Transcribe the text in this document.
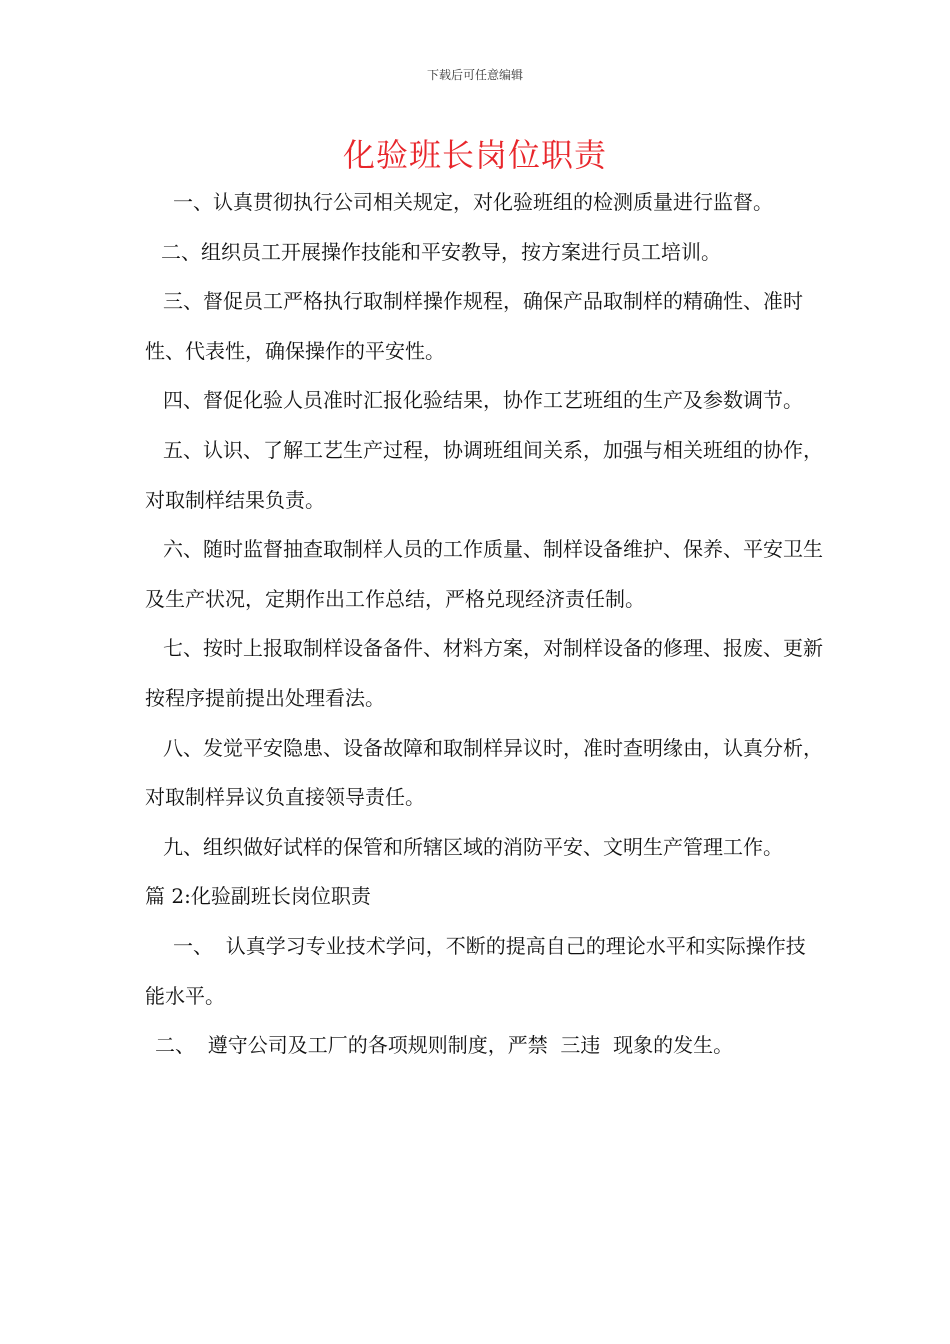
下载后可任意编辑
化验班长岗位职责

一、认真贯彻执行公司相关规定，对化验班组的检测质量进行监督。

二、组织员工开展操作技能和平安教导，按方案进行员工培训。

三、督促员工严格执行取制样操作规程，确保产品取制样的精确性、准时性、代表性，确保操作的平安性。

四、督促化验人员准时汇报化验结果，协作工艺班组的生产及参数调节。

五、认识、了解工艺生产过程，协调班组间关系，加强与相关班组的协作，对取制样结果负责。

六、随时监督抽查取制样人员的工作质量、制样设备维护、保养、平安卫生及生产状况，定期作出工作总结，严格兑现经济责任制。

七、按时上报取制样设备备件、材料方案，对制样设备的修理、报废、更新按程序提前提出处理看法。

八、发觉平安隐患、设备故障和取制样异议时，准时查明缘由，认真分析，对取制样异议负直接领导责任。

九、组织做好试样的保管和所辖区域的消防平安、文明生产管理工作。

篇 2:化验副班长岗位职责

一、  认真学习专业技术学问，不断的提高自己的理论水平和实际操作技能水平。

二、  遵守公司及工厂的各项规则制度，严禁  三违  现象的发生。
